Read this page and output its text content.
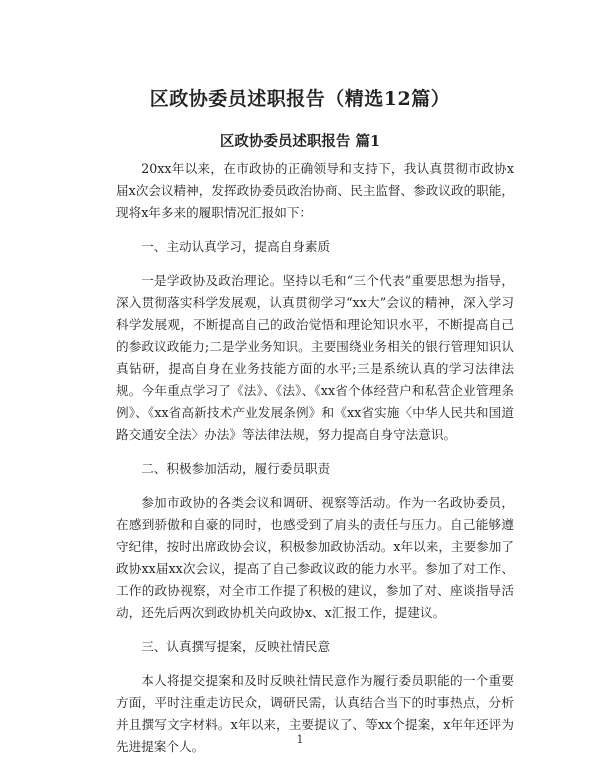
区政协委员述职报告（精选12篇）
区政协委员述职报告 篇1

20xx年以来，在市政协的正确领导和支持下，我认真贯彻市政协x届x次会议精神，发挥政协委员政治协商、民主监督、参政议政的职能，现将x年多来的履职情况汇报如下：

一、主动认真学习，提高自身素质

一是学政协及政治理论。坚持以毛和“三个代表”重要思想为指导，深入贯彻落实科学发展观，认真贯彻学习“xx大”会议的精神，深入学习科学发展观，不断提高自己的政治觉悟和理论知识水平，不断提高自己的参政议政能力;二是学业务知识。主要围绕业务相关的银行管理知识认真钻研，提高自身在业务技能方面的水平;三是系统认真的学习法律法规。今年重点学习了《法》、《法》、《xx省个体经营户和私营企业管理条例》、《xx省高新技术产业发展条例》和《xx省实施〈中华人民共和国道路交通安全法〉办法》等法律法规，努力提高自身守法意识。

二、积极参加活动，履行委员职责

参加市政协的各类会议和调研、视察等活动。作为一名政协委员，在感到骄傲和自豪的同时，也感受到了肩头的责任与压力。自己能够遵守纪律，按时出席政协会议，积极参加政协活动。x年以来，主要参加了政协xx届xx次会议，提高了自己参政议政的能力水平。参加了对工作、工作的政协视察，对全市工作提了积极的建议，参加了对、座谈指导活动，还先后两次到政协机关向政协x、x汇报工作，提建议。

三、认真撰写提案，反映社情民意

本人将提交提案和及时反映社情民意作为履行委员职能的一个重要方面，平时注重走访民众，调研民需，认真结合当下的时事热点，分析并且撰写文字材料。x年以来，主要提议了、等xx个提案，x年年还评为先进提案个人。	1
